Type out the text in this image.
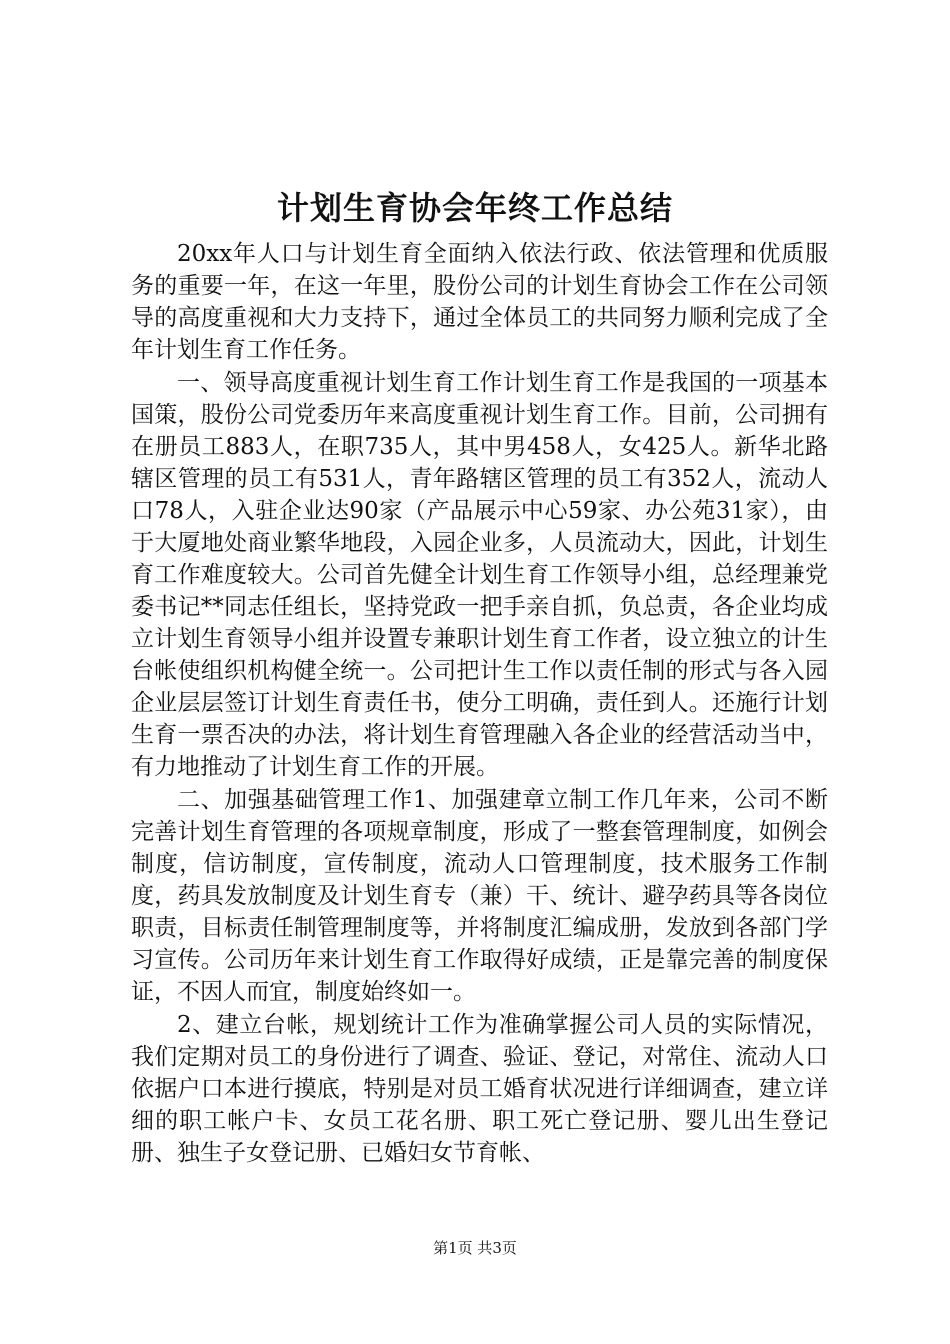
计划生育协会年终工作总结

20xx年人口与计划生育全面纳入依法行政、依法管理和优质服务的重要一年，在这一年里，股份公司的计划生育协会工作在公司领导的高度重视和大力支持下，通过全体员工的共同努力顺利完成了全年计划生育工作任务。

一、领导高度重视计划生育工作计划生育工作是我国的一项基本国策，股份公司党委历年来高度重视计划生育工作。目前，公司拥有在册员工883人，在职735人，其中男458人，女425人。新华北路辖区管理的员工有531人，青年路辖区管理的员工有352人，流动人口78人，入驻企业达90家（产品展示中心59家、办公苑31家），由于大厦地处商业繁华地段，入园企业多，人员流动大，因此，计划生育工作难度较大。公司首先健全计划生育工作领导小组，总经理兼党委书记**同志任组长，坚持党政一把手亲自抓，负总责，各企业均成立计划生育领导小组并设置专兼职计划生育工作者，设立独立的计生台帐使组织机构健全统一。公司把计生工作以责任制的形式与各入园企业层层签订计划生育责任书，使分工明确，责任到人。还施行计划生育一票否决的办法，将计划生育管理融入各企业的经营活动当中，有力地推动了计划生育工作的开展。

二、加强基础管理工作1、加强建章立制工作几年来，公司不断完善计划生育管理的各项规章制度，形成了一整套管理制度，如例会制度，信访制度，宣传制度，流动人口管理制度，技术服务工作制度，药具发放制度及计划生育专（兼）干、统计、避孕药具等各岗位职责，目标责任制管理制度等，并将制度汇编成册，发放到各部门学习宣传。公司历年来计划生育工作取得好成绩，正是靠完善的制度保证，不因人而宜，制度始终如一。

2、建立台帐，规划统计工作为准确掌握公司人员的实际情况，我们定期对员工的身份进行了调查、验证、登记，对常住、流动人口依据户口本进行摸底，特别是对员工婚育状况进行详细调查，建立详细的职工帐户卡、女员工花名册、职工死亡登记册、婴儿出生登记册、独生子女登记册、已婚妇女节育帐、

第1页 共3页
